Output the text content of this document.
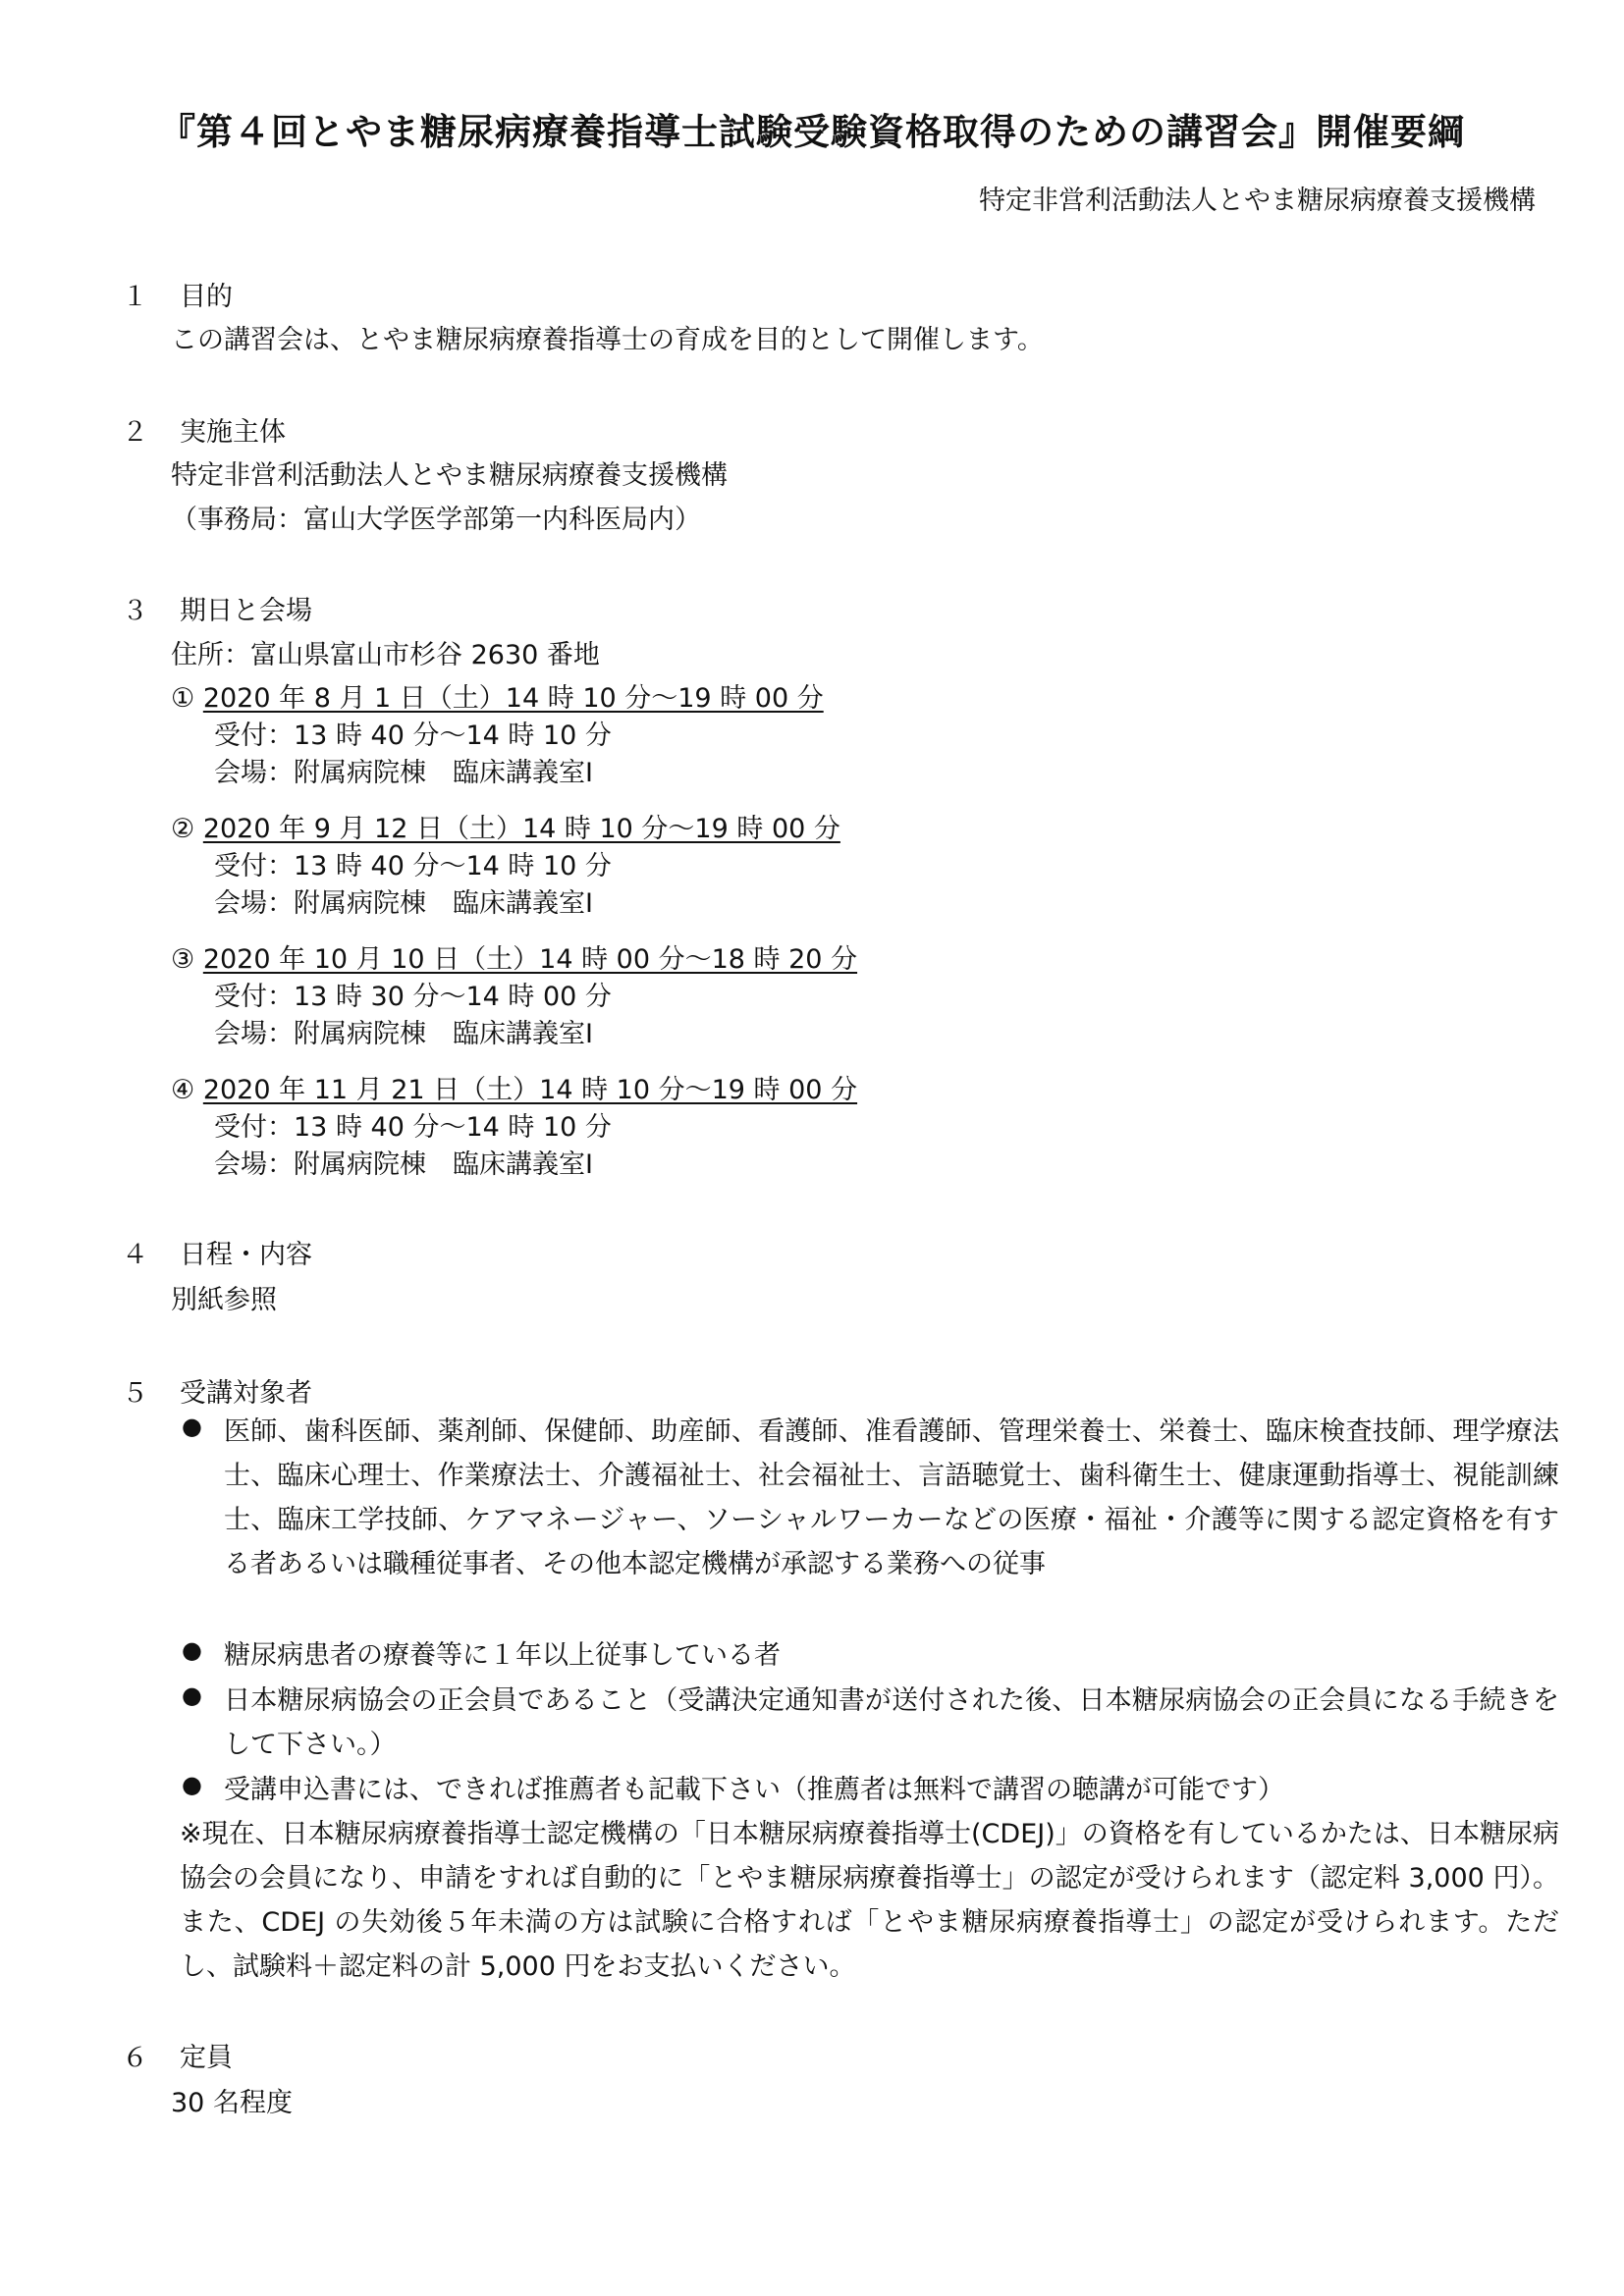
『第４回とやま糖尿病療養指導士試験受験資格取得のための講習会』開催要綱
特定非営利活動法人とやま糖尿病療養支援機構
１ 目的
この講習会は、とやま糖尿病療養指導士の育成を目的として開催します。
２ 実施主体
特定非営利活動法人とやま糖尿病療養支援機構
（事務局：富山大学医学部第一内科医局内）
３ 期日と会場
住所：富山県富山市杉谷 2630 番地
① 2020 年 8 月 1 日（土）14 時 10 分～19 時 00 分
受付：13 時 40 分～14 時 10 分
会場：附属病院棟　臨床講義室Ⅰ
② 2020 年 9 月 12 日（土）14 時 10 分～19 時 00 分
受付：13 時 40 分～14 時 10 分
会場：附属病院棟　臨床講義室Ⅰ
③ 2020 年 10 月 10 日（土）14 時 00 分～18 時 20 分
受付：13 時 30 分～14 時 00 分
会場：附属病院棟　臨床講義室Ⅰ
④ 2020 年 11 月 21 日（土）14 時 10 分～19 時 00 分
受付：13 時 40 分～14 時 10 分
会場：附属病院棟　臨床講義室Ⅰ
４ 日程・内容
別紙参照
５ 受講対象者
● 医師、歯科医師、薬剤師、保健師、助産師、看護師、准看護師、管理栄養士、栄養士、臨床検査技師、理学療法士、臨床心理士、作業療法士、介護福祉士、社会福祉士、言語聴覚士、歯科衛生士、健康運動指導士、視能訓練士、臨床工学技師、ケアマネージャー、ソーシャルワーカーなどの医療・福祉・介護等に関する認定資格を有する者あるいは職種従事者、その他本認定機構が承認する業務への従事
● 糖尿病患者の療養等に１年以上従事している者
● 日本糖尿病協会の正会員であること（受講決定通知書が送付された後、日本糖尿病協会の正会員になる手続きをして下さい。）
● 受講申込書には、できれば推薦者も記載下さい（推薦者は無料で講習の聴講が可能です）
※現在、日本糖尿病療養指導士認定機構の「日本糖尿病療養指導士(CDEJ)」の資格を有しているかたは、日本糖尿病協会の会員になり、申請をすれば自動的に「とやま糖尿病療養指導士」の認定が受けられます（認定料 3,000 円）。また、CDEJ の失効後５年未満の方は試験に合格すれば「とやま糖尿病療養指導士」の認定が受けられます。ただし、試験料＋認定料の計 5,000 円をお支払いください。
６ 定員
30 名程度
